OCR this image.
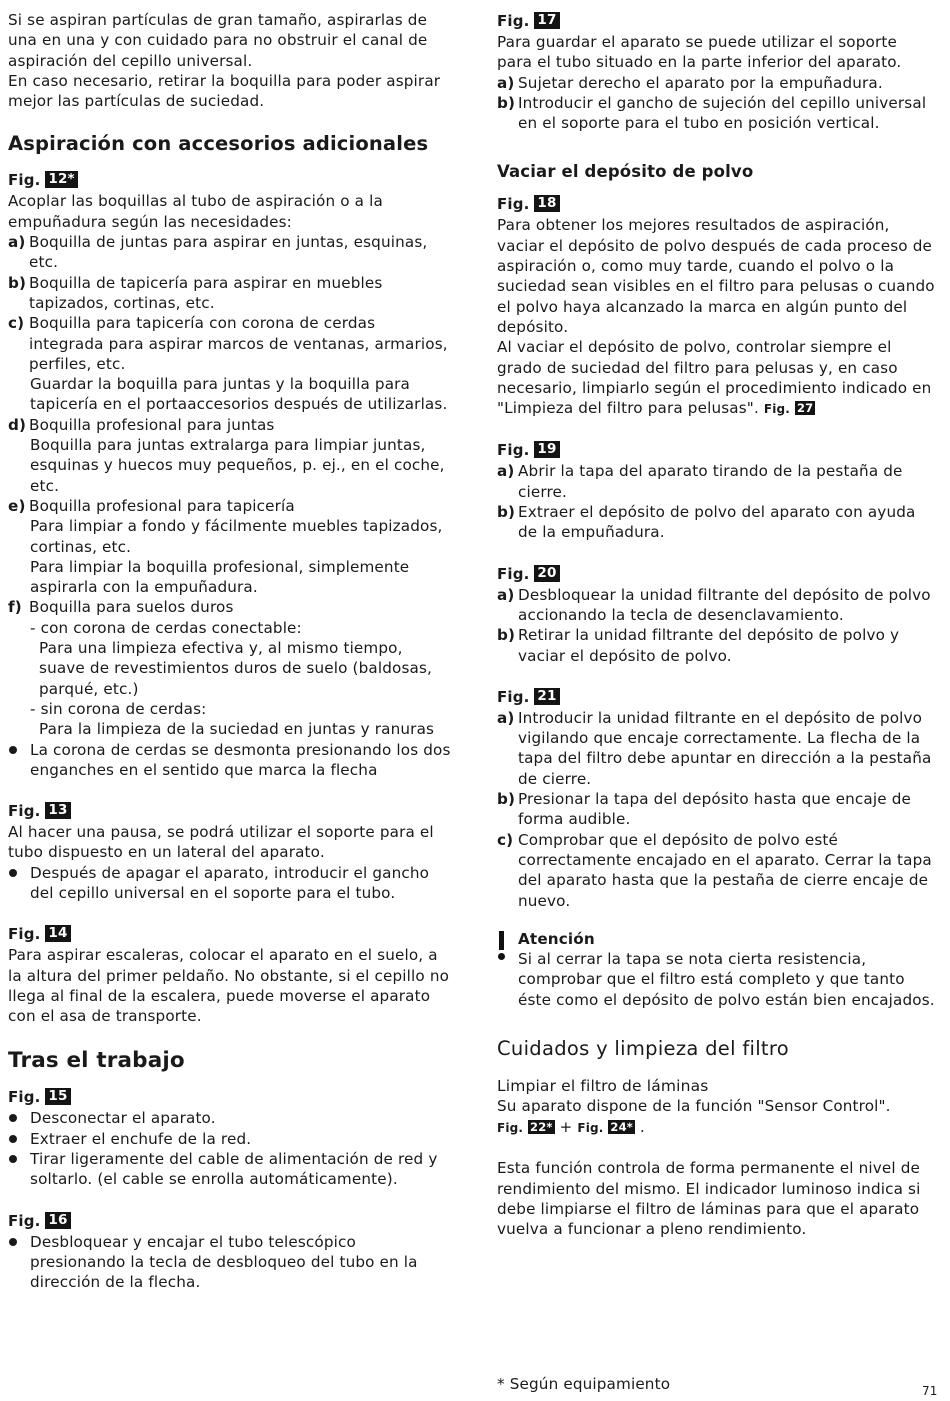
Si se aspiran partículas de gran tamaño, aspirarlas de una en una y con cuidado para no obstruir el canal de aspiración del cepillo universal.

En caso necesario, retirar la boquilla para poder aspirar mejor las partículas de suciedad.

Aspiración con accesorios adicionales
Fig. 12*

Acoplar las boquillas al tubo de aspiración o a la empuñadura según las necesidades:

a) Boquilla de juntas para aspirar en juntas, esquinas, etc.
b) Boquilla de tapicería para aspirar en muebles tapizados, cortinas, etc.
c) Boquilla para tapicería con corona de cerdas integrada para aspirar marcos de ventanas, armarios, perfiles, etc.

Guardar la boquilla para juntas y la boquilla para tapicería en el portaaccesorios después de utilizarlas.

d) Boquilla profesional para juntas

Boquilla para juntas extralarga para limpiar juntas, esquinas y huecos muy pequeños, p. ej., en el coche, etc.

e) Boquilla profesional para tapicería

Para limpiar a fondo y fácilmente muebles tapizados, cortinas, etc.

Para limpiar la boquilla profesional, simplemente aspirarla con la empuñadura.

f) Boquilla para suelos duros

- con corona de cerdas conectable:

Para una limpieza efectiva y, al mismo tiempo, suave de revestimientos duros de suelo (baldosas, parqué, etc.)

- sin corona de cerdas:

Para la limpieza de la suciedad en juntas y ranuras

La corona de cerdas se desmonta presionando los dos enganches en el sentido que marca la flecha
Fig. 13

Al hacer una pausa, se podrá utilizar el soporte para el tubo dispuesto en un lateral del aparato.

Después de apagar el aparato, introducir el gancho del cepillo universal en el soporte para el tubo.
Fig. 14

Para aspirar escaleras, colocar el aparato en el suelo, a la altura del primer peldaño. No obstante, si el cepillo no llega al final de la escalera, puede moverse el aparato con el asa de transporte.

Tras el trabajo
Fig. 15
Desconectar el aparato.
Extraer el enchufe de la red.
Tirar ligeramente del cable de alimentación de red y soltarlo. (el cable se enrolla automáticamente).
Fig. 16
Desbloquear y encajar el tubo telescópico presionando la tecla de desbloqueo del tubo en la dirección de la flecha.
Fig. 17

Para guardar el aparato se puede utilizar el soporte para el tubo situado en la parte inferior del aparato.

a) Sujetar derecho el aparato por la empuñadura.
b) Introducir el gancho de sujeción del cepillo universal en el soporte para el tubo en posición vertical.
Vaciar el depósito de polvo
Fig. 18

Para obtener los mejores resultados de aspiración, vaciar el depósito de polvo después de cada proceso de aspiración o, como muy tarde, cuando el polvo o la suciedad sean visibles en el filtro para pelusas o cuando el polvo haya alcanzado la marca en algún punto del depósito.

Al vaciar el depósito de polvo, controlar siempre el grado de suciedad del filtro para pelusas y, en caso necesario, limpiarlo según el procedimiento indicado en "Limpieza del filtro para pelusas". Fig. 27

Fig. 19
a) Abrir la tapa del aparato tirando de la pestaña de cierre.
b) Extraer el depósito de polvo del aparato con ayuda de la empuñadura.
Fig. 20
a) Desbloquear la unidad filtrante del depósito de polvo accionando la tecla de desenclavamiento.
b) Retirar la unidad filtrante del depósito de polvo y vaciar el depósito de polvo.
Fig. 21
a) Introducir la unidad filtrante en el depósito de polvo vigilando que encaje correctamente. La flecha de la tapa del filtro debe apuntar en dirección a la pestaña de cierre.
b) Presionar la tapa del depósito hasta que encaje de forma audible.
c) Comprobar que el depósito de polvo esté correctamente encajado en el aparato. Cerrar la tapa del aparato hasta que la pestaña de cierre encaje de nuevo.
Atención

Si al cerrar la tapa se nota cierta resistencia, comprobar que el filtro está completo y que tanto éste como el depósito de polvo están bien encajados.

Cuidados y limpieza del filtro
Limpiar el filtro de láminas

Su aparato dispone de la función "Sensor Control".

Fig. 22* + Fig. 24* .

Esta función controla de forma permanente el nivel de rendimiento del mismo. El indicador luminoso indica si debe limpiarse el filtro de láminas para que el aparato vuelva a funcionar a pleno rendimiento.

* Según equipamiento	71
